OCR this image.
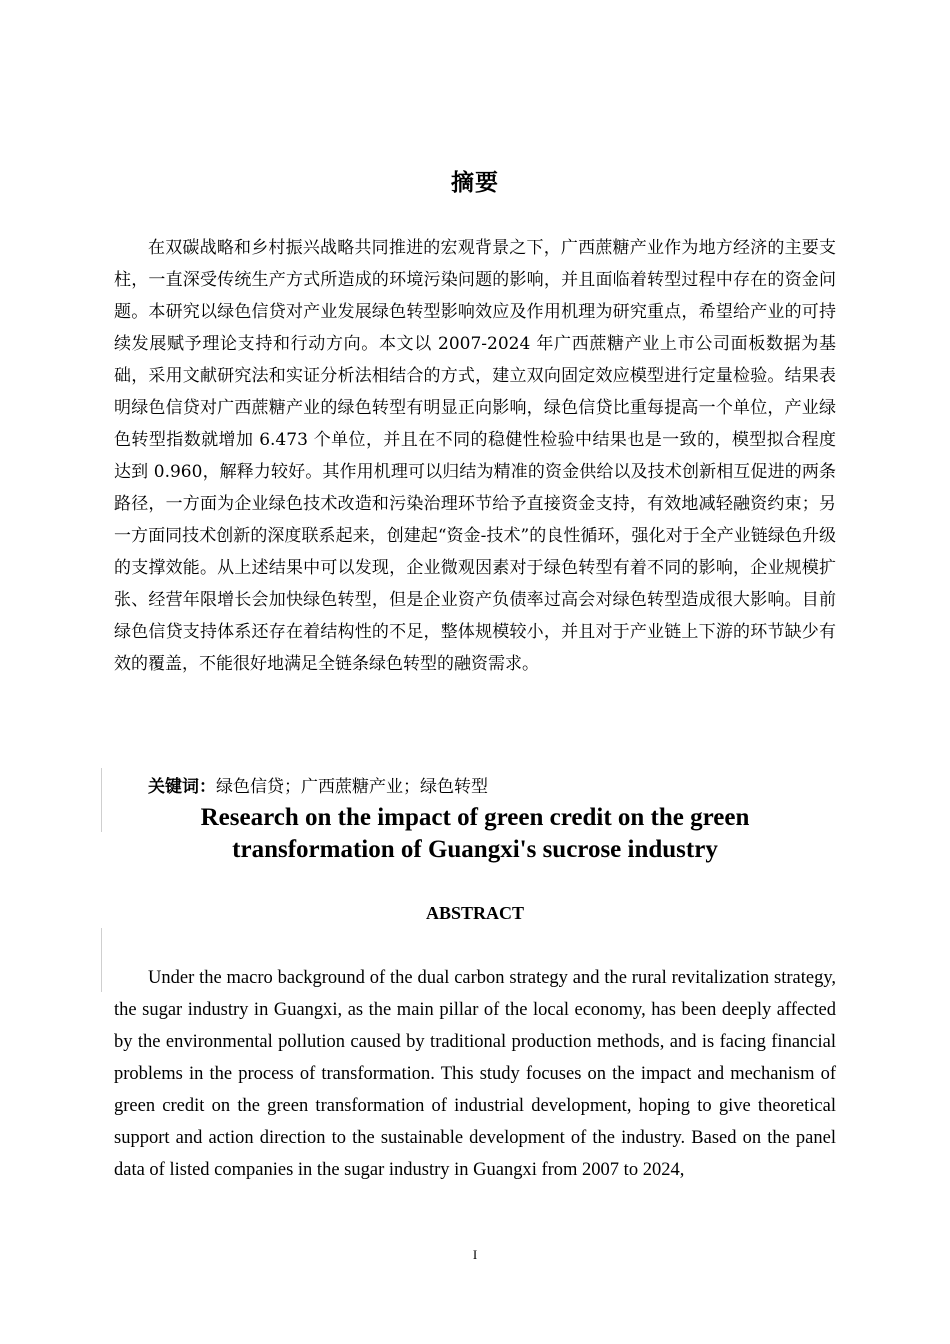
摘要

在双碳战略和乡村振兴战略共同推进的宏观背景之下，广西蔗糖产业作为地方经济的主要支柱，一直深受传统生产方式所造成的环境污染问题的影响，并且面临着转型过程中存在的资金问题。本研究以绿色信贷对产业发展绿色转型影响效应及作用机理为研究重点，希望给产业的可持续发展赋予理论支持和行动方向。本文以 2007-2024 年广西蔗糖产业上市公司面板数据为基础，采用文献研究法和实证分析法相结合的方式，建立双向固定效应模型进行定量检验。结果表明绿色信贷对广西蔗糖产业的绿色转型有明显正向影响，绿色信贷比重每提高一个单位，产业绿色转型指数就增加 6.473 个单位，并且在不同的稳健性检验中结果也是一致的，模型拟合程度达到 0.960，解释力较好。其作用机理可以归结为精准的资金供给以及技术创新相互促进的两条路径，一方面为企业绿色技术改造和污染治理环节给予直接资金支持，有效地减轻融资约束；另一方面同技术创新的深度联系起来，创建起“资金-技术”的良性循环，强化对于全产业链绿色升级的支撑效能。从上述结果中可以发现，企业微观因素对于绿色转型有着不同的影响，企业规模扩张、经营年限增长会加快绿色转型，但是企业资产负债率过高会对绿色转型造成很大影响。目前绿色信贷支持体系还存在着结构性的不足，整体规模较小，并且对于产业链上下游的环节缺少有效的覆盖，不能很好地满足全链条绿色转型的融资需求。

关键词：绿色信贷；广西蔗糖产业；绿色转型
Research on the impact of green credit on the green transformation of Guangxi's sucrose industry
ABSTRACT

Under the macro background of the dual carbon strategy and the rural revitalization strategy, the sugar industry in Guangxi, as the main pillar of the local economy, has been deeply affected by the environmental pollution caused by traditional production methods, and is facing financial problems in the process of transformation. This study focuses on the impact and mechanism of green credit on the green transformation of industrial development, hoping to give theoretical support and action direction to the sustainable development of the industry. Based on the panel data of listed companies in the sugar industry in Guangxi from 2007 to 2024,

I
